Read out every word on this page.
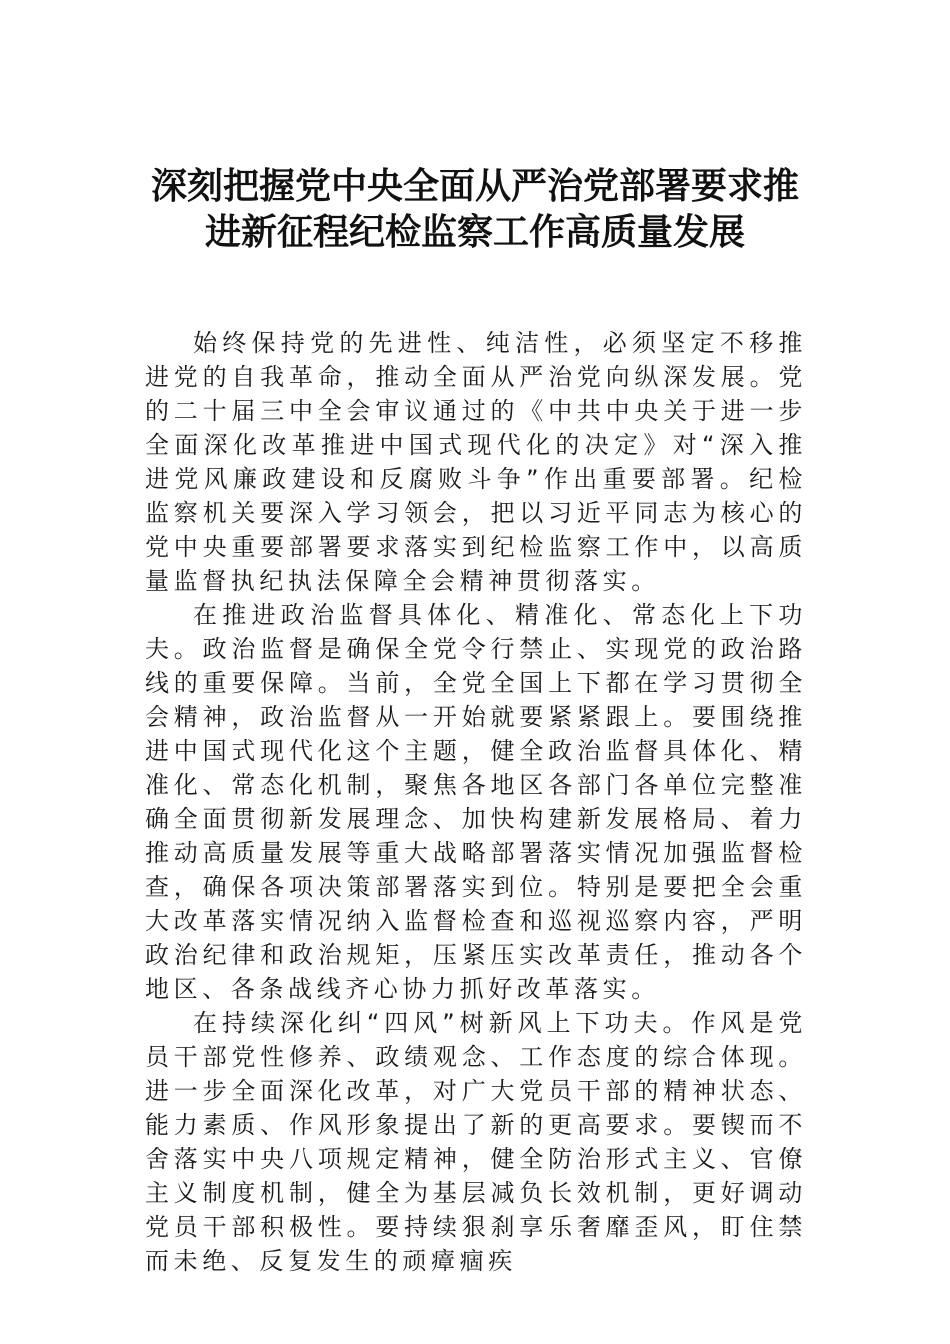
深刻把握党中央全面从严治党部署要求推
进新征程纪检监察工作高质量发展

始终保持党的先进性、纯洁性，必须坚定不移推进党的自我革命，推动全面从严治党向纵深发展。党的二十届三中全会审议通过的《中共中央关于进一步全面深化改革推进中国式现代化的决定》对“深入推进党风廉政建设和反腐败斗争”作出重要部署。纪检监察机关要深入学习领会，把以习近平同志为核心的党中央重要部署要求落实到纪检监察工作中，以高质量监督执纪执法保障全会精神贯彻落实。

在推进政治监督具体化、精准化、常态化上下功夫。政治监督是确保全党令行禁止、实现党的政治路线的重要保障。当前，全党全国上下都在学习贯彻全会精神，政治监督从一开始就要紧紧跟上。要围绕推进中国式现代化这个主题，健全政治监督具体化、精准化、常态化机制，聚焦各地区各部门各单位完整准确全面贯彻新发展理念、加快构建新发展格局、着力推动高质量发展等重大战略部署落实情况加强监督检查，确保各项决策部署落实到位。特别是要把全会重大改革落实情况纳入监督检查和巡视巡察内容，严明政治纪律和政治规矩，压紧压实改革责任，推动各个地区、各条战线齐心协力抓好改革落实。

在持续深化纠“四风”树新风上下功夫。作风是党员干部党性修养、政绩观念、工作态度的综合体现。进一步全面深化改革，对广大党员干部的精神状态、能力素质、作风形象提出了新的更高要求。要锲而不舍落实中央八项规定精神，健全防治形式主义、官僚主义制度机制，健全为基层减负长效机制，更好调动党员干部积极性。要持续狠刹享乐奢靡歪风，盯住禁而未绝、反复发生的顽瘴痼疾
